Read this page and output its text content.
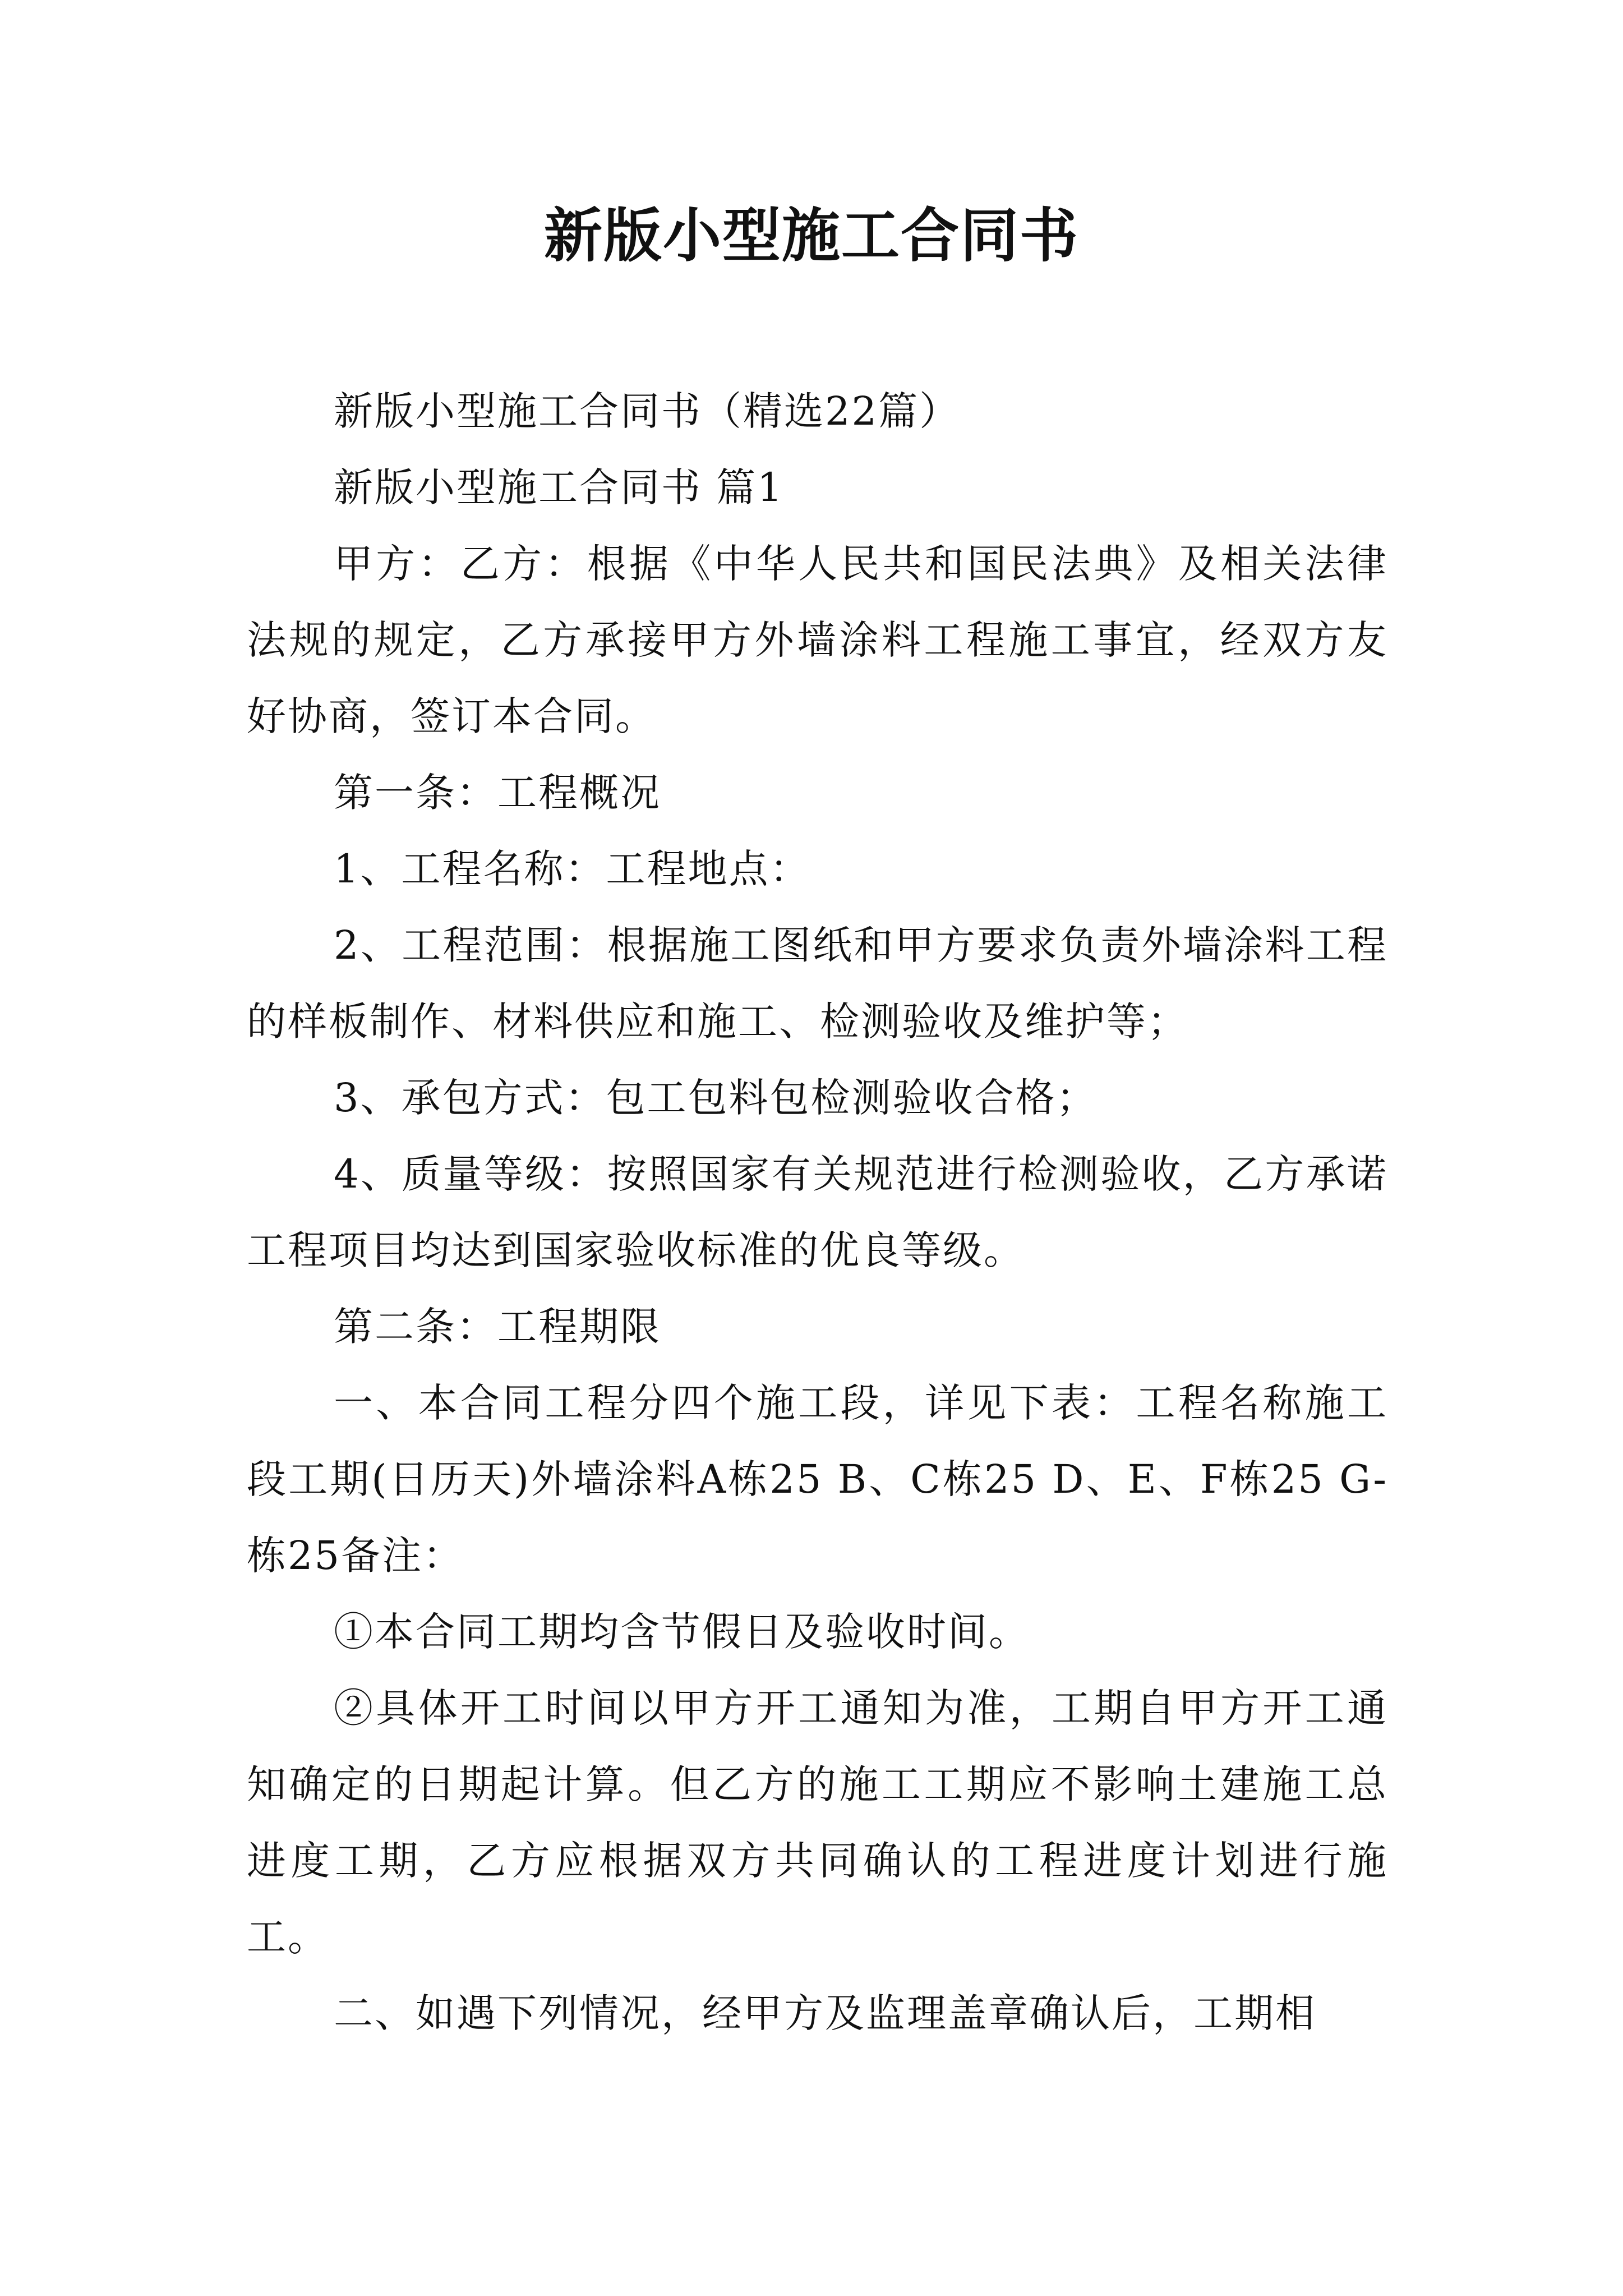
新版小型施工合同书

新版小型施工合同书（精选22篇）

新版小型施工合同书 篇1

甲方：乙方：根据《中华人民共和国民法典》及相关法律法规的规定，乙方承接甲方外墙涂料工程施工事宜，经双方友好协商，签订本合同。

第一条：工程概况

1、工程名称：工程地点：

2、工程范围：根据施工图纸和甲方要求负责外墙涂料工程的样板制作、材料供应和施工、检测验收及维护等；

3、承包方式：包工包料包检测验收合格；

4、质量等级：按照国家有关规范进行检测验收，乙方承诺工程项目均达到国家验收标准的优良等级。

第二条：工程期限

一、本合同工程分四个施工段，详见下表：工程名称施工段工期(日历天)外墙涂料A栋25 B、C栋25 D、E、F栋25 G-栋25备注：

①本合同工期均含节假日及验收时间。

②具体开工时间以甲方开工通知为准，工期自甲方开工通知确定的日期起计算。但乙方的施工工期应不影响土建施工总进度工期，乙方应根据双方共同确认的工程进度计划进行施工。

二、如遇下列情况，经甲方及监理盖章确认后，工期相
